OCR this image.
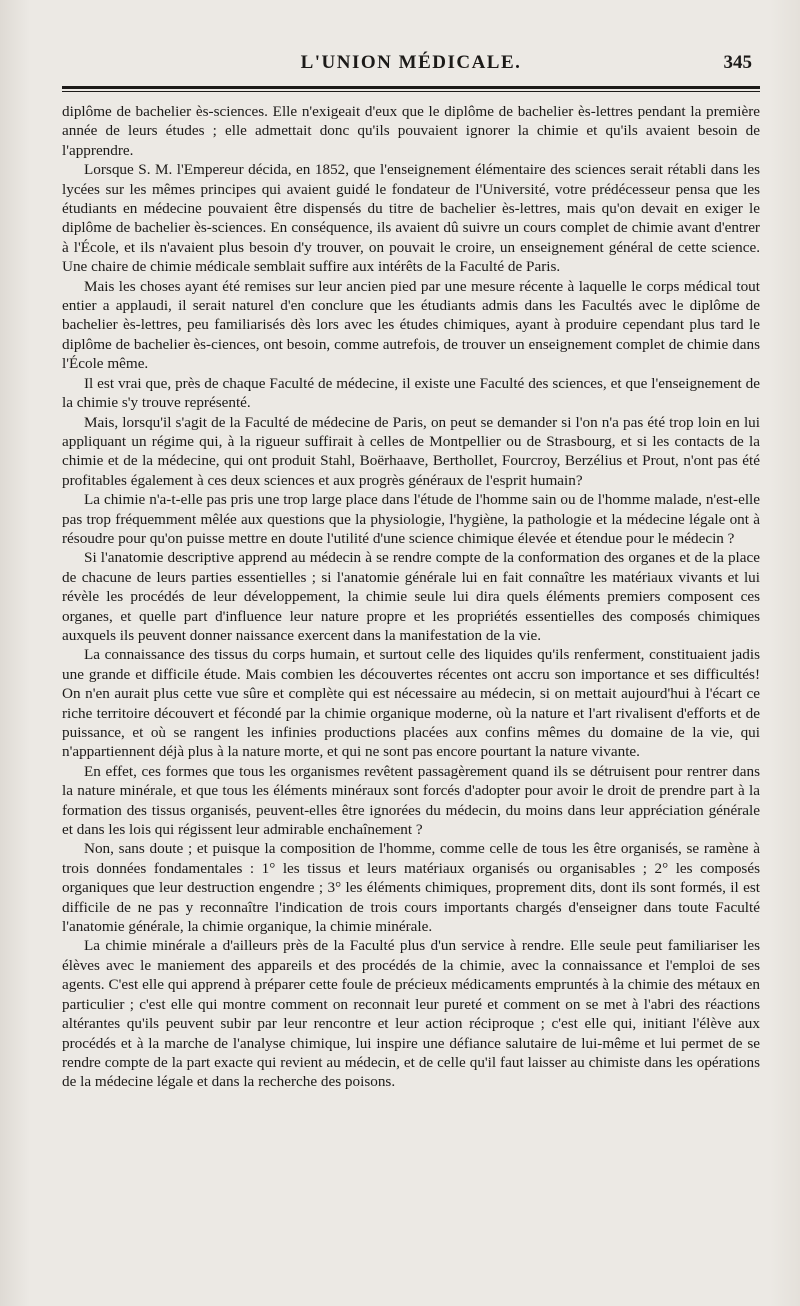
L'UNION MÉDICALE.	345

diplôme de bachelier ès-sciences. Elle n'exigeait d'eux que le diplôme de bachelier ès-lettres pendant la première année de leurs études ; elle admettait donc qu'ils pouvaient ignorer la chimie et qu'ils avaient besoin de l'apprendre.

Lorsque S. M. l'Empereur décida, en 1852, que l'enseignement élémentaire des sciences serait rétabli dans les lycées sur les mêmes principes qui avaient guidé le fondateur de l'Université, votre prédécesseur pensa que les étudiants en médecine pouvaient être dispensés du titre de bachelier ès-lettres, mais qu'on devait en exiger le diplôme de bachelier ès-sciences. En conséquence, ils avaient dû suivre un cours complet de chimie avant d'entrer à l'École, et ils n'avaient plus besoin d'y trouver, on pouvait le croire, un enseignement général de cette science. Une chaire de chimie médicale semblait suffire aux intérêts de la Faculté de Paris.

Mais les choses ayant été remises sur leur ancien pied par une mesure récente à laquelle le corps médical tout entier a applaudi, il serait naturel d'en conclure que les étudiants admis dans les Facultés avec le diplôme de bachelier ès-lettres, peu familiarisés dès lors avec les études chimiques, ayant à produire cependant plus tard le diplôme de bachelier ès-ciences, ont besoin, comme autrefois, de trouver un enseignement complet de chimie dans l'École même.

Il est vrai que, près de chaque Faculté de médecine, il existe une Faculté des sciences, et que l'enseignement de la chimie s'y trouve représenté.

Mais, lorsqu'il s'agit de la Faculté de médecine de Paris, on peut se demander si l'on n'a pas été trop loin en lui appliquant un régime qui, à la rigueur suffirait à celles de Montpellier ou de Strasbourg, et si les contacts de la chimie et de la médecine, qui ont produit Stahl, Boërhaave, Berthollet, Fourcroy, Berzélius et Prout, n'ont pas été profitables également à ces deux sciences et aux progrès généraux de l'esprit humain?

La chimie n'a-t-elle pas pris une trop large place dans l'étude de l'homme sain ou de l'homme malade, n'est-elle pas trop fréquemment mêlée aux questions que la physiologie, l'hygiène, la pathologie et la médecine légale ont à résoudre pour qu'on puisse mettre en doute l'utilité d'une science chimique élevée et étendue pour le médecin ?

Si l'anatomie descriptive apprend au médecin à se rendre compte de la conformation des organes et de la place de chacune de leurs parties essentielles ; si l'anatomie générale lui en fait connaître les matériaux vivants et lui révèle les procédés de leur développement, la chimie seule lui dira quels éléments premiers composent ces organes, et quelle part d'influence leur nature propre et les propriétés essentielles des composés chimiques auxquels ils peuvent donner naissance exercent dans la manifestation de la vie.

La connaissance des tissus du corps humain, et surtout celle des liquides qu'ils renferment, constituaient jadis une grande et difficile étude. Mais combien les découvertes récentes ont accru son importance et ses difficultés! On n'en aurait plus cette vue sûre et complète qui est nécessaire au médecin, si on mettait aujourd'hui à l'écart ce riche territoire découvert et fécondé par la chimie organique moderne, où la nature et l'art rivalisent d'efforts et de puissance, et où se rangent les infinies productions placées aux confins mêmes du domaine de la vie, qui n'appartiennent déjà plus à la nature morte, et qui ne sont pas encore pourtant la nature vivante.

En effet, ces formes que tous les organismes revêtent passagèrement quand ils se détruisent pour rentrer dans la nature minérale, et que tous les éléments minéraux sont forcés d'adopter pour avoir le droit de prendre part à la formation des tissus organisés, peuvent-elles être ignorées du médecin, du moins dans leur appréciation générale et dans les lois qui régissent leur admirable enchaînement ?

Non, sans doute ; et puisque la composition de l'homme, comme celle de tous les être organisés, se ramène à trois données fondamentales : 1° les tissus et leurs matériaux organisés ou organisables ; 2° les composés organiques que leur destruction engendre ; 3° les éléments chimiques, proprement dits, dont ils sont formés, il est difficile de ne pas y reconnaître l'indication de trois cours importants chargés d'enseigner dans toute Faculté l'anatomie générale, la chimie organique, la chimie minérale.

La chimie minérale a d'ailleurs près de la Faculté plus d'un service à rendre. Elle seule peut familiariser les élèves avec le maniement des appareils et des procédés de la chimie, avec la connaissance et l'emploi de ses agents. C'est elle qui apprend à préparer cette foule de précieux médicaments empruntés à la chimie des métaux en particulier ; c'est elle qui montre comment on reconnait leur pureté et comment on se met à l'abri des réactions altérantes qu'ils peuvent subir par leur rencontre et leur action réciproque ; c'est elle qui, initiant l'élève aux procédés et à la marche de l'analyse chimique, lui inspire une défiance salutaire de lui-même et lui permet de se rendre compte de la part exacte qui revient au médecin, et de celle qu'il faut laisser au chimiste dans les opérations de la médecine légale et dans la recherche des poisons.
